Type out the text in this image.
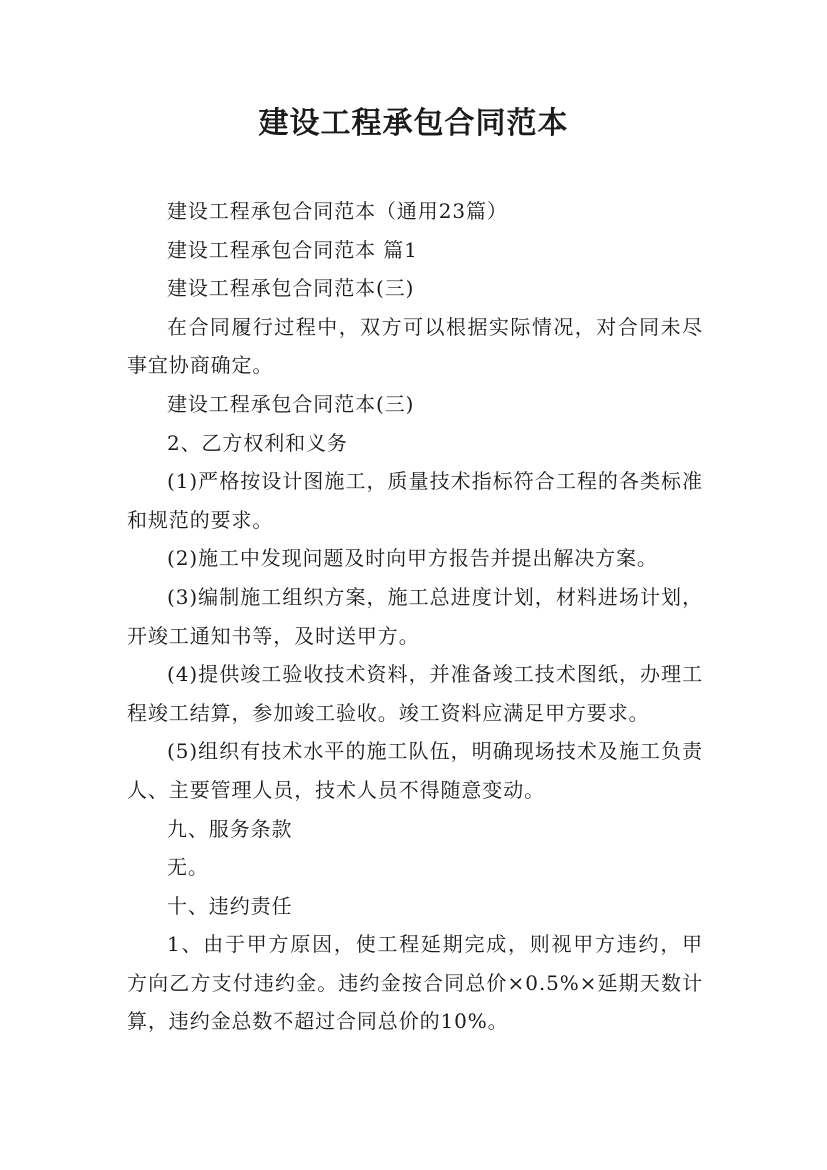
建设工程承包合同范本

建设工程承包合同范本（通用23篇）

建设工程承包合同范本 篇1

建设工程承包合同范本(三)

在合同履行过程中，双方可以根据实际情况，对合同未尽事宜协商确定。

建设工程承包合同范本(三)

2、乙方权利和义务

(1)严格按设计图施工，质量技术指标符合工程的各类标准和规范的要求。

(2)施工中发现问题及时向甲方报告并提出解决方案。

(3)编制施工组织方案，施工总进度计划，材料进场计划，开竣工通知书等，及时送甲方。

(4)提供竣工验收技术资料，并准备竣工技术图纸，办理工程竣工结算，参加竣工验收。竣工资料应满足甲方要求。

(5)组织有技术水平的施工队伍，明确现场技术及施工负责人、主要管理人员，技术人员不得随意变动。

九、服务条款

无。

十、违约责任

1、由于甲方原因，使工程延期完成，则视甲方违约，甲方向乙方支付违约金。违约金按合同总价×0.5%×延期天数计算，违约金总数不超过合同总价的10%。
